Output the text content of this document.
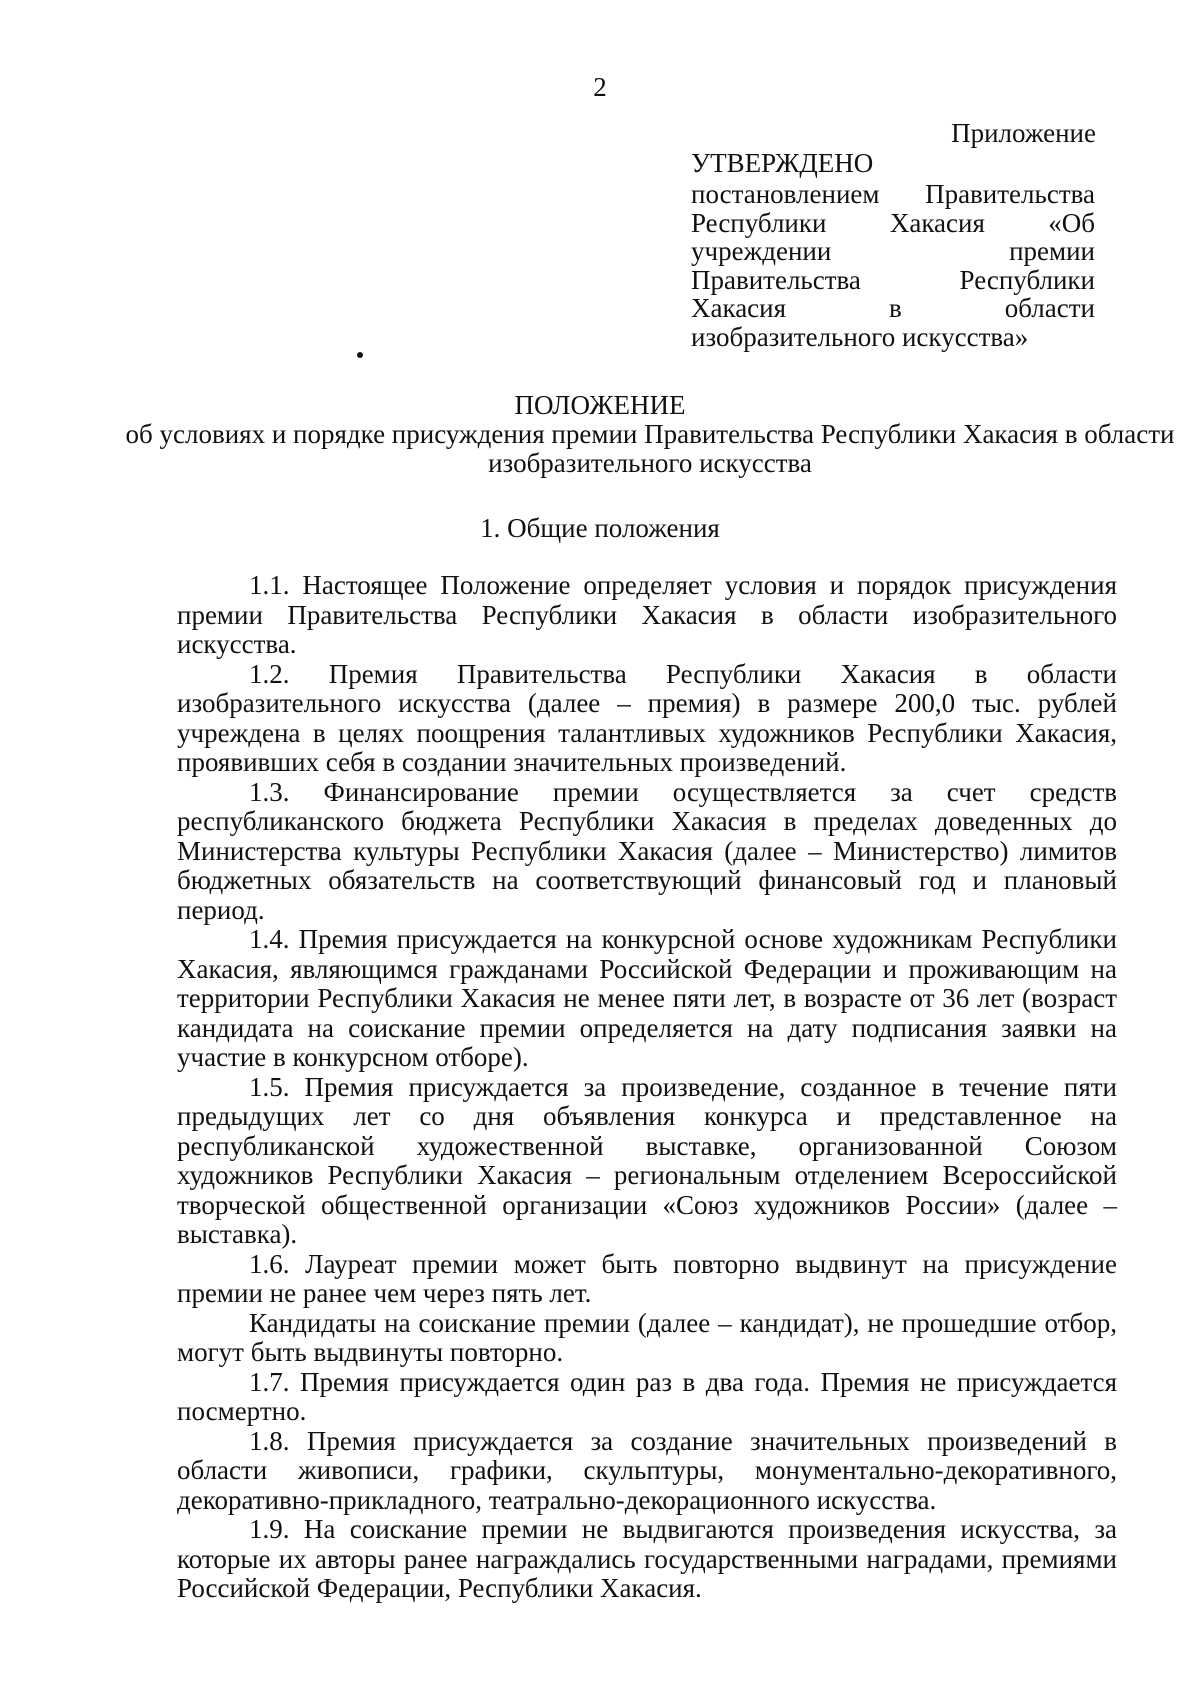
2
Приложение
УТВЕРЖДЕНО
постановлением Правительства Республики Хакасия «Об учреждении премии Правительства Республики Хакасия в области изобразительного искусства»
ПОЛОЖЕНИЕ
об условиях и порядке присуждения премии Правительства Республики Хакасия в области изобразительного искусства
1. Общие положения

1.1. Настоящее Положение определяет условия и порядок присуждения премии Правительства Республики Хакасия в области изобразительного искусства.

1.2. Премия Правительства Республики Хакасия в области изобразительного искусства (далее – премия) в размере 200,0 тыс. рублей учреждена в целях поощрения талантливых художников Республики Хакасия, проявивших себя в создании значительных произведений.

1.3. Финансирование премии осуществляется за счет средств республиканского бюджета Республики Хакасия в пределах доведенных до Министерства культуры Республики Хакасия (далее – Министерство) лимитов бюджетных обязательств на соответствующий финансовый год и плановый период.

1.4. Премия присуждается на конкурсной основе художникам Республики Хакасия, являющимся гражданами Российской Федерации и проживающим на территории Республики Хакасия не менее пяти лет, в возрасте от 36 лет (возраст кандидата на соискание премии определяется на дату подписания заявки на участие в конкурсном отборе).

1.5. Премия присуждается за произведение, созданное в течение пяти предыдущих лет со дня объявления конкурса и представленное на республиканской художественной выставке, организованной Союзом художников Республики Хакасия – региональным отделением Всероссийской творческой общественной организации «Союз художников России» (далее – выставка).

1.6. Лауреат премии может быть повторно выдвинут на присуждение премии не ранее чем через пять лет.

Кандидаты на соискание премии (далее – кандидат), не прошедшие отбор, могут быть выдвинуты повторно.

1.7. Премия присуждается один раз в два года. Премия не присуждается посмертно.

1.8. Премия присуждается за создание значительных произведений в области живописи, графики, скульптуры, монументально-декоративного, декоративно-прикладного, театрально-декорационного искусства.

1.9. На соискание премии не выдвигаются произведения искусства, за которые их авторы ранее награждались государственными наградами, премиями Российской Федерации, Республики Хакасия.
